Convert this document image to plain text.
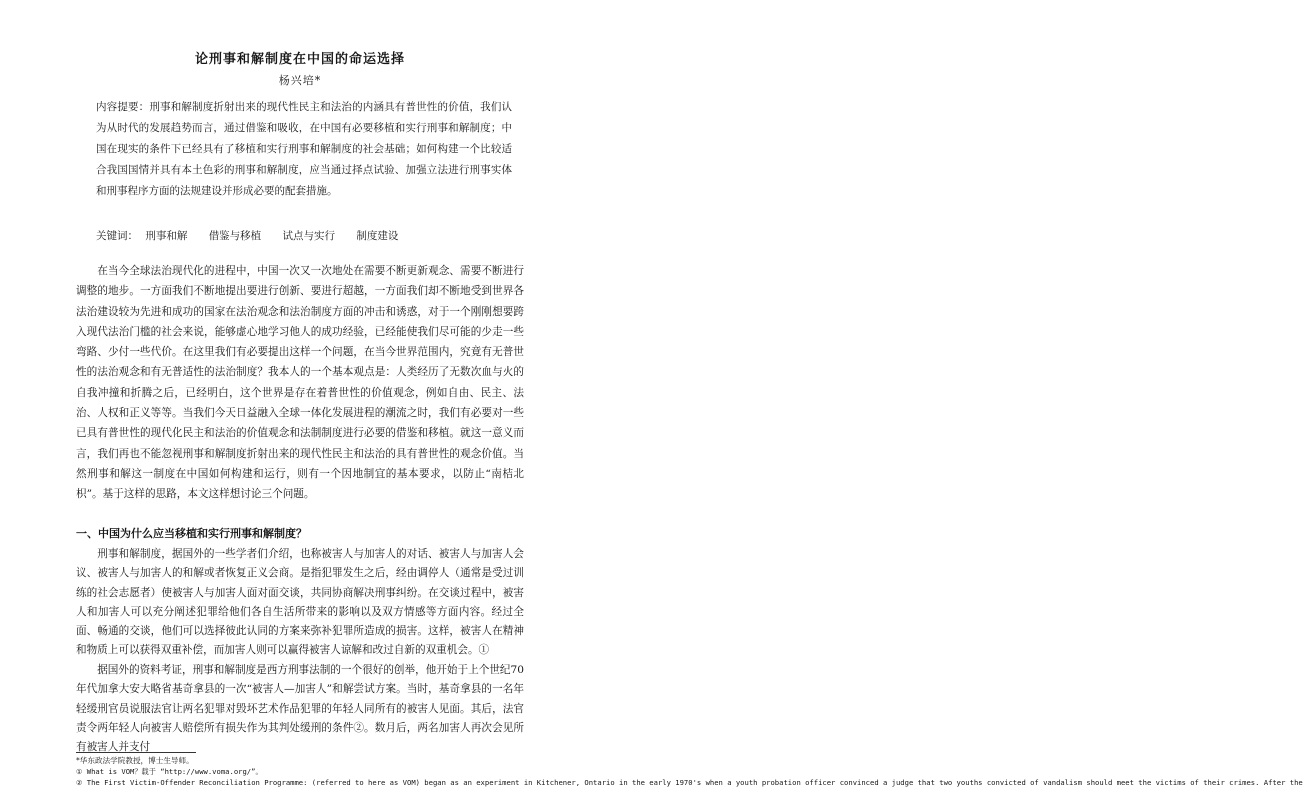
论刑事和解制度在中国的命运选择
杨兴培*

内容提要：刑事和解制度折射出来的现代性民主和法治的内涵具有普世性的价值，我们认为从时代的发展趋势而言，通过借鉴和吸收，在中国有必要移植和实行刑事和解制度；中国在现实的条件下已经具有了移植和实行刑事和解制度的社会基础；如何构建一个比较适合我国国情并具有本土色彩的刑事和解制度，应当通过择点试验、加强立法进行刑事实体和刑事程序方面的法规建设并形成必要的配套措施。

关键词： 刑事和解 借鉴与移植 试点与实行 制度建设

在当今全球法治现代化的进程中，中国一次又一次地处在需要不断更新观念、需要不断进行调整的地步。一方面我们不断地提出要进行创新、要进行超越，一方面我们却不断地受到世界各法治建设较为先进和成功的国家在法治观念和法治制度方面的冲击和诱惑，对于一个刚刚想要跨入现代法治门槛的社会来说，能够虚心地学习他人的成功经验，已经能使我们尽可能的少走一些弯路、少付一些代价。在这里我们有必要提出这样一个问题，在当今世界范围内，究竟有无普世性的法治观念和有无普适性的法治制度？我本人的一个基本观点是：人类经历了无数次血与火的自我冲撞和折腾之后，已经明白，这个世界是存在着普世性的价值观念，例如自由、民主、法治、人权和正义等等。当我们今天日益融入全球一体化发展进程的潮流之时，我们有必要对一些已具有普世性的现代化民主和法治的价值观念和法制制度进行必要的借鉴和移植。就这一意义而言，我们再也不能忽视刑事和解制度折射出来的现代性民主和法治的具有普世性的观念价值。当然刑事和解这一制度在中国如何构建和运行，则有一个因地制宜的基本要求，以防止“南桔北枳”。基于这样的思路，本文这样想讨论三个问题。

一、中国为什么应当移植和实行刑事和解制度？

刑事和解制度，据国外的一些学者们介绍，也称被害人与加害人的对话、被害人与加害人会议、被害人与加害人的和解或者恢复正义会商。是指犯罪发生之后，经由调停人（通常是受过训练的社会志愿者）使被害人与加害人面对面交谈，共同协商解决刑事纠纷。在交谈过程中，被害人和加害人可以充分阐述犯罪给他们各自生活所带来的影响以及双方情感等方面内容。经过全面、畅通的交谈，他们可以选择彼此认同的方案来弥补犯罪所造成的损害。这样，被害人在精神和物质上可以获得双重补偿，而加害人则可以赢得被害人谅解和改过自新的双重机会。①

据国外的资料考证，刑事和解制度是西方刑事法制的一个很好的创举，他开始于上个世纪70年代加拿大安大略省基奇拿县的一次“被害人—加害人”和解尝试方案。当时，基奇拿县的一名年轻缓刑官员说服法官让两名犯罪对毁坏艺术作品犯罪的年轻人同所有的被害人见面。其后，法官责令两年轻人向被害人赔偿所有损失作为其判处缓刑的条件②。数月后，两名加害人再次会见所有被害人并支付

*华东政法学院教授，博士生导师。
① What is VOM？载于 “http://www.voma.org/”。
② The First Victim-Offender Reconciliation Programme: (referred to here as VOM) began as an experiment in Kitchener, Ontario in the early 1970's when a youth probation officer convinced a judge that two youths convicted of vandalism should meet the victims of their crimes. After the
